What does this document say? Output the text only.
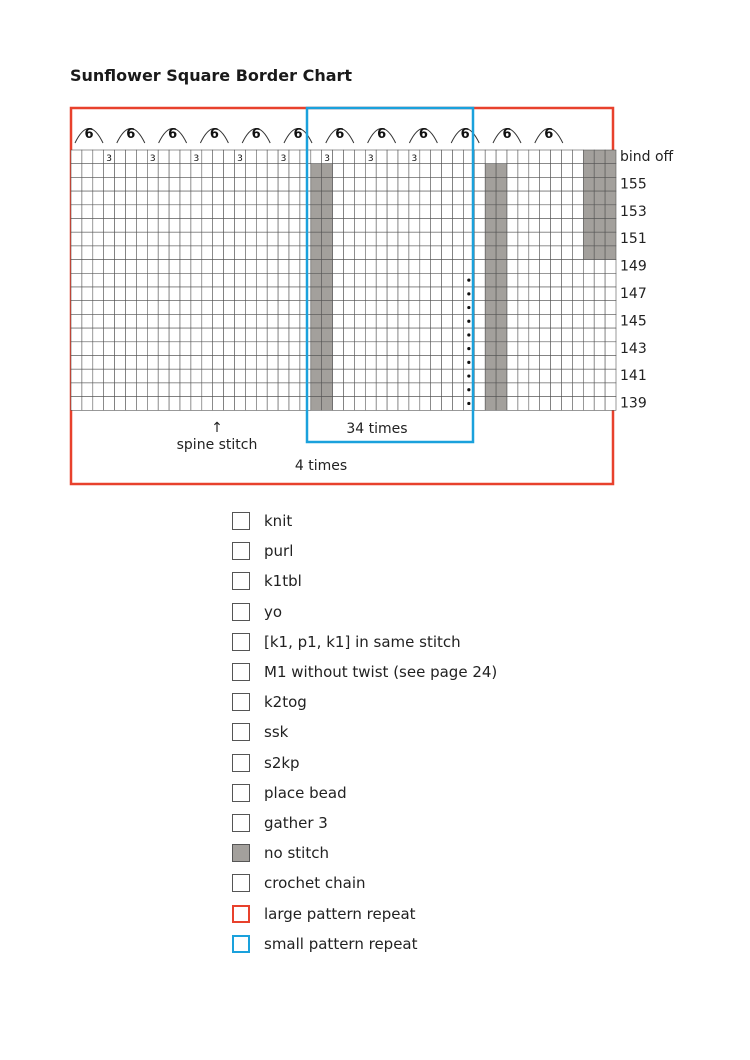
Sunflower Square Border Chart
6	6	6	6	6	6	6	6	6	6	6	6
3	3	3	3	3	3	3	3	bind off
155
153
151
149
147
145
143
141
139
↑
spine stitch
34 times
4 times
knit
purl
k1tbl
yo
[k1, p1, k1] in same stitch
M1 without twist (see page 24)
k2tog
ssk
s2kp
place bead
gather 3
no stitch
crochet chain
large pattern repeat
small pattern repeat
